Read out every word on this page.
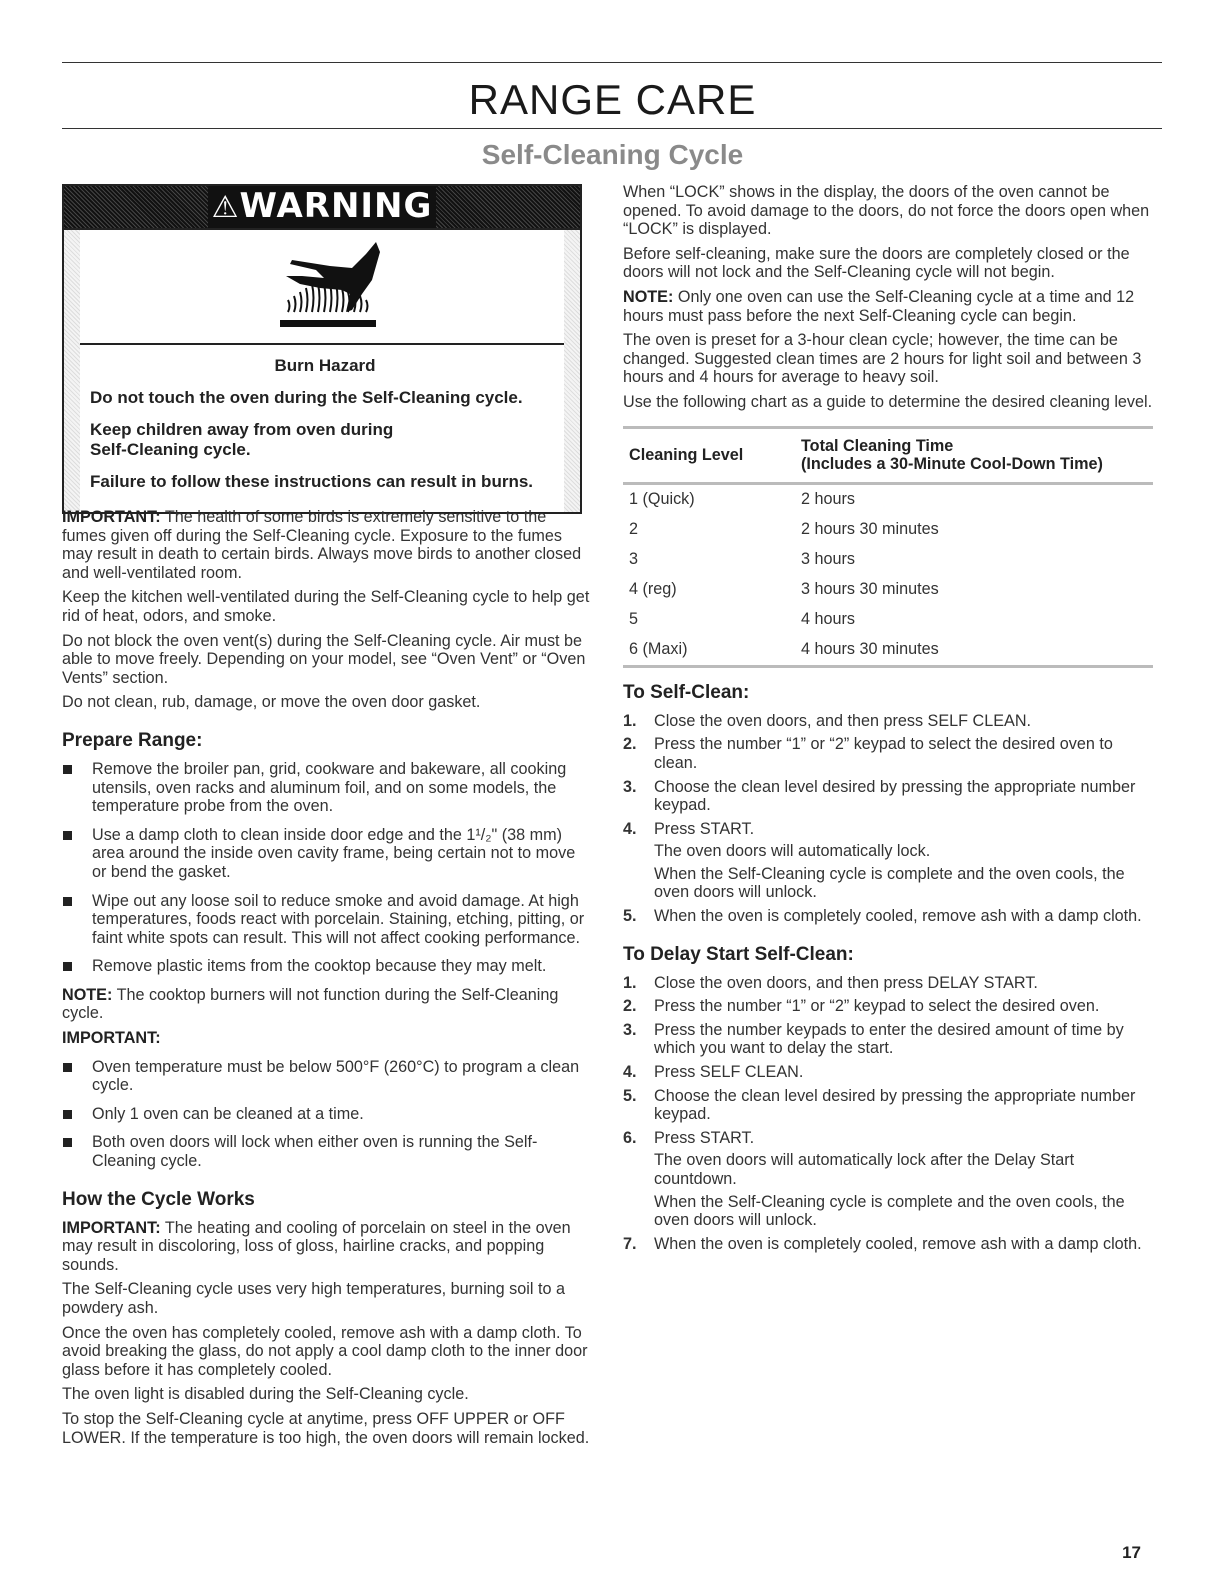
RANGE CARE
Self-Cleaning Cycle
⚠WARNING

Burn Hazard

Do not touch the oven during the Self-Cleaning cycle.

Keep children away from oven during Self-Cleaning cycle.

Failure to follow these instructions can result in burns.

IMPORTANT: The health of some birds is extremely sensitive to the fumes given off during the Self-Cleaning cycle. Exposure to the fumes may result in death to certain birds. Always move birds to another closed and well-ventilated room.

Keep the kitchen well-ventilated during the Self-Cleaning cycle to help get rid of heat, odors, and smoke.

Do not block the oven vent(s) during the Self-Cleaning cycle. Air must be able to move freely. Depending on your model, see “Oven Vent” or “Oven Vents” section.

Do not clean, rub, damage, or move the oven door gasket.

Prepare Range:
Remove the broiler pan, grid, cookware and bakeware, all cooking utensils, oven racks and aluminum foil, and on some models, the temperature probe from the oven.
Use a damp cloth to clean inside door edge and the 1¹/₂" (38 mm) area around the inside oven cavity frame, being certain not to move or bend the gasket.
Wipe out any loose soil to reduce smoke and avoid damage. At high temperatures, foods react with porcelain. Staining, etching, pitting, or faint white spots can result. This will not affect cooking performance.
Remove plastic items from the cooktop because they may melt.

NOTE: The cooktop burners will not function during the Self-Cleaning cycle.

IMPORTANT:

Oven temperature must be below 500°F (260°C) to program a clean cycle.
Only 1 oven can be cleaned at a time.
Both oven doors will lock when either oven is running the Self-Cleaning cycle.
How the Cycle Works

IMPORTANT: The heating and cooling of porcelain on steel in the oven may result in discoloring, loss of gloss, hairline cracks, and popping sounds.

The Self-Cleaning cycle uses very high temperatures, burning soil to a powdery ash.

Once the oven has completely cooled, remove ash with a damp cloth. To avoid breaking the glass, do not apply a cool damp cloth to the inner door glass before it has completely cooled.

The oven light is disabled during the Self-Cleaning cycle.

To stop the Self-Cleaning cycle at anytime, press OFF UPPER or OFF LOWER. If the temperature is too high, the oven doors will remain locked.

When “LOCK” shows in the display, the doors of the oven cannot be opened. To avoid damage to the doors, do not force the doors open when “LOCK” is displayed.

Before self-cleaning, make sure the doors are completely closed or the doors will not lock and the Self-Cleaning cycle will not begin.

NOTE: Only one oven can use the Self-Cleaning cycle at a time and 12 hours must pass before the next Self-Cleaning cycle can begin.

The oven is preset for a 3-hour clean cycle; however, the time can be changed. Suggested clean times are 2 hours for light soil and between 3 hours and 4 hours for average to heavy soil.

Use the following chart as a guide to determine the desired cleaning level.

Cleaning Level	Total Cleaning Time
(Includes a 30-Minute Cool-Down Time)
1 (Quick)	2 hours
2	2 hours 30 minutes
3	3 hours
4 (reg)	3 hours 30 minutes
5	4 hours
6 (Maxi)	4 hours 30 minutes
To Self-Clean:
1. Close the oven doors, and then press SELF CLEAN.
2. Press the number “1” or “2” keypad to select the desired oven to clean.
3. Choose the clean level desired by pressing the appropriate number keypad.
4. Press START.

The oven doors will automatically lock.

When the Self-Cleaning cycle is complete and the oven cools, the oven doors will unlock.

5. When the oven is completely cooled, remove ash with a damp cloth.
To Delay Start Self-Clean:
1. Close the oven doors, and then press DELAY START.
2. Press the number “1” or “2” keypad to select the desired oven.
3. Press the number keypads to enter the desired amount of time by which you want to delay the start.
4. Press SELF CLEAN.
5. Choose the clean level desired by pressing the appropriate number keypad.
6. Press START.

The oven doors will automatically lock after the Delay Start countdown.

When the Self-Cleaning cycle is complete and the oven cools, the oven doors will unlock.

7. When the oven is completely cooled, remove ash with a damp cloth.
17
